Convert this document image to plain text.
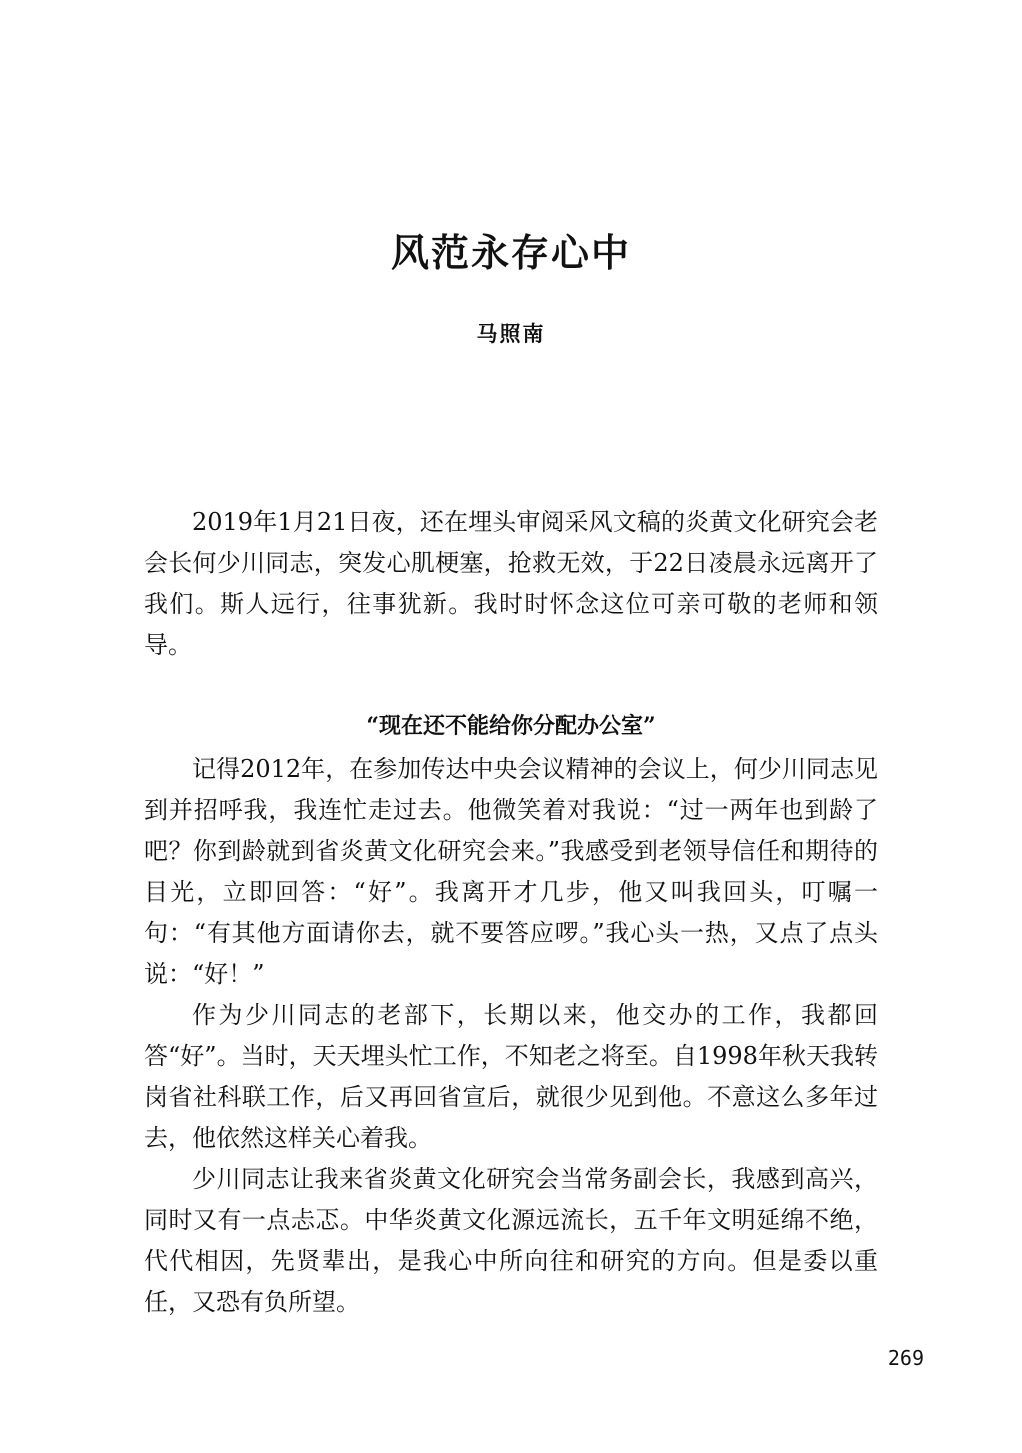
风范永存心中
马照南

2019年1月21日夜，还在埋头审阅采风文稿的炎黄文化研究会老会长何少川同志，突发心肌梗塞，抢救无效，于22日凌晨永远离开了我们。斯人远行，往事犹新。我时时怀念这位可亲可敬的老师和领导。

“现在还不能给你分配办公室”

记得2012年，在参加传达中央会议精神的会议上，何少川同志见到并招呼我，我连忙走过去。他微笑着对我说：“过一两年也到龄了吧？你到龄就到省炎黄文化研究会来。”我感受到老领导信任和期待的目光，立即回答：“好”。我离开才几步，他又叫我回头，叮嘱一句：“有其他方面请你去，就不要答应啰。”我心头一热，又点了点头说：“好！”

作为少川同志的老部下，长期以来，他交办的工作，我都回答“好”。当时，天天埋头忙工作，不知老之将至。自1998年秋天我转岗省社科联工作，后又再回省宣后，就很少见到他。不意这么多年过去，他依然这样关心着我。

少川同志让我来省炎黄文化研究会当常务副会长，我感到高兴，同时又有一点忐忑。中华炎黄文化源远流长，五千年文明延绵不绝，代代相因，先贤辈出，是我心中所向往和研究的方向。但是委以重任，又恐有负所望。

269
